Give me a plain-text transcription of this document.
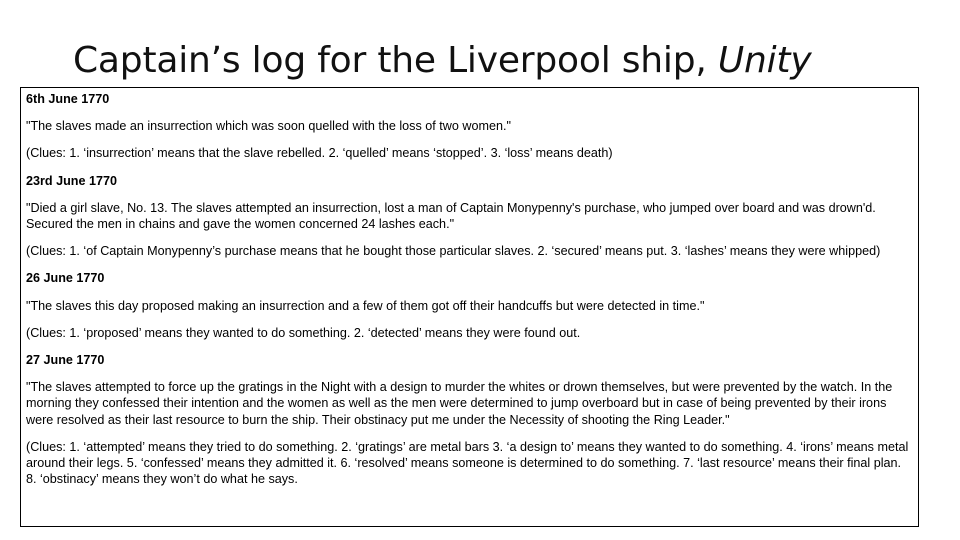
Captain’s log for the Liverpool ship, Unity
6th June 1770
"The slaves made an insurrection which was soon quelled with the loss of two women."
(Clues: 1. ‘insurrection’ means that the slave rebelled. 2. ‘quelled’ means ‘stopped’. 3. ‘loss’ means death)
23rd June 1770
"Died a girl slave, No. 13. The slaves attempted an insurrection, lost a man of Captain Monypenny's purchase, who jumped over board and was drown'd. Secured the men in chains and gave the women concerned 24 lashes each."
(Clues: 1. ‘of Captain Monypenny’s purchase means that he bought those particular slaves. 2. ‘secured’ means put. 3. ‘lashes’ means they were whipped)
26 June 1770
"The slaves this day proposed making an insurrection and a few of them got off their handcuffs but were detected in time."
(Clues: 1. ‘proposed’ means they wanted to do something. 2. ‘detected’ means they were found out.
27 June 1770
"The slaves attempted to force up the gratings in the Night with a design to murder the whites or drown themselves, but were prevented by the watch. In the morning they confessed their intention and the women as well as the men were determined to jump overboard but in case of being prevented by their irons were resolved as their last resource to burn the ship. Their obstinacy put me under the Necessity of shooting the Ring Leader."
(Clues: 1. ‘attempted’ means they tried to do something. 2. ‘gratings’ are metal bars 3. ‘a design to’ means they wanted to do something. 4. ‘irons’ means metal around their legs. 5. ‘confessed’ means they admitted it. 6. ‘resolved’ means someone is determined to do something. 7. ‘last resource’ means their final plan. 8. ‘obstinacy’ means they won’t do what he says.
